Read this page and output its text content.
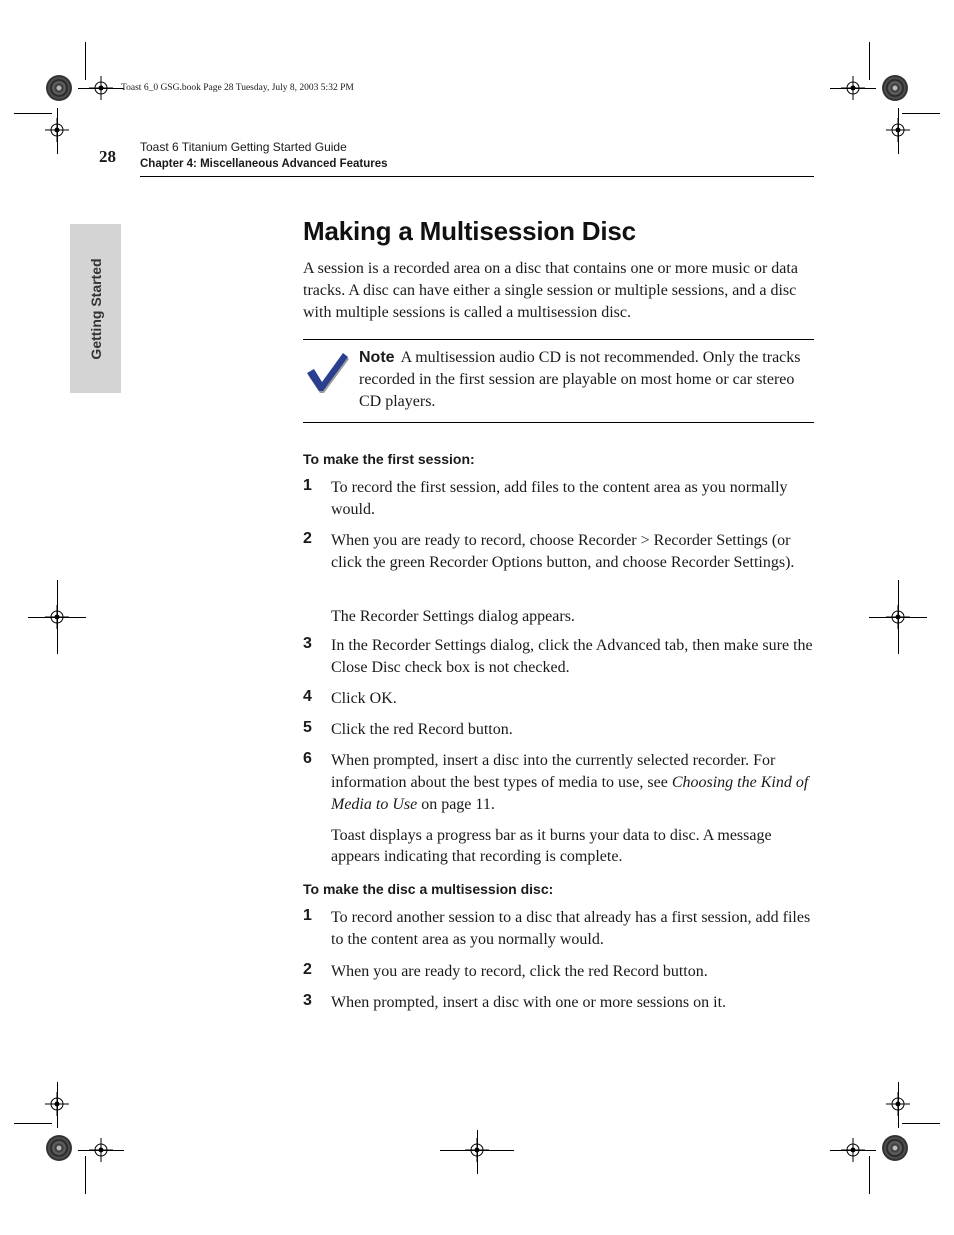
Toast 6_0 GSG.book Page 28 Tuesday, July 8, 2003 5:32 PM
28 Toast 6 Titanium Getting Started Guide
Chapter 4: Miscellaneous Advanced Features
Getting Started
Making a Multisession Disc

A session is a recorded area on a disc that contains one or more music or data tracks. A disc can have either a single session or multiple sessions, and a disc with multiple sessions is called a multisession disc.

Note A multisession audio CD is not recommended. Only the tracks recorded in the first session are playable on most home or car stereo CD players.
To make the first session:
1 To record the first session, add files to the content area as you normally would.
2 When you are ready to record, choose Recorder > Recorder Settings (or click the green Recorder Options button, and choose Recorder Settings).
The Recorder Settings dialog appears.
3 In the Recorder Settings dialog, click the Advanced tab, then make sure the Close Disc check box is not checked.
4 Click OK.
5 Click the red Record button.
6 When prompted, insert a disc into the currently selected recorder. For information about the best types of media to use, see Choosing the Kind of Media to Use on page 11.
Toast displays a progress bar as it burns your data to disc. A message appears indicating that recording is complete.
To make the disc a multisession disc:
1 To record another session to a disc that already has a first session, add files to the content area as you normally would.
2 When you are ready to record, click the red Record button.
3 When prompted, insert a disc with one or more sessions on it.
